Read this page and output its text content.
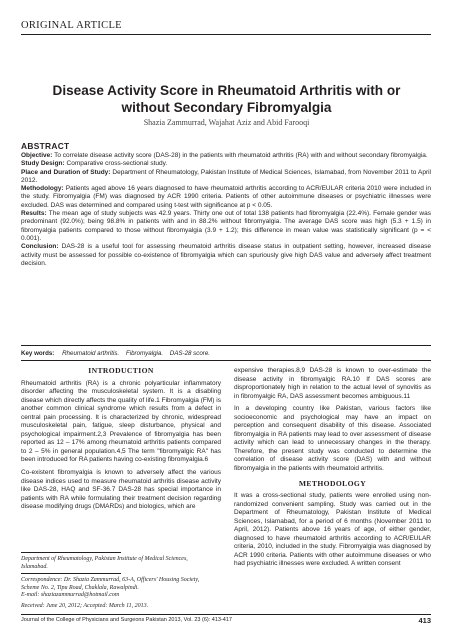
ORIGINAL ARTICLE
Disease Activity Score in Rheumatoid Arthritis with or without Secondary Fibromyalgia
Shazia Zammurrad, Wajahat Aziz and Abid Farooqi
ABSTRACT

Objective: To correlate disease activity score (DAS-28) in the patients with rheumatoid arthritis (RA) with and without secondary fibromyalgia.

Study Design: Comparative cross-sectional study.

Place and Duration of Study: Department of Rheumatology, Pakistan Institute of Medical Sciences, Islamabad, from November 2011 to April 2012.

Methodology: Patients aged above 16 years diagnosed to have rheumatoid arthritis according to ACR/EULAR criteria 2010 were included in the study. Fibromyalgia (FM) was diagnosed by ACR 1990 criteria. Patients of other autoimmune diseases or psychiatric illnesses were excluded. DAS was determined and compared using t-test with significance at p < 0.05.

Results: The mean age of study subjects was 42.9 years. Thirty one out of total 138 patients had fibromyalgia (22.4%). Female gender was predominant (92.0%); being 98.8% in patients with and in 88.2% without fibromyalgia. The average DAS score was high (5.3 + 1.5) in fibromyalgia patients compared to those without fibromyalgia (3.9 + 1.2); this difference in mean value was statistically significant (p = < 0.001).

Conclusion: DAS-28 is a useful tool for assessing rheumatoid arthritis disease status in outpatient setting, however, increased disease activity must be assessed for possible co-existence of fibromyalgia which can spuriously give high DAS value and adversely affect treatment decision.

Key words: Rheumatoid arthritis. Fibromyalgia. DAS-28 score.
INTRODUCTION

Rheumatoid arthritis (RA) is a chronic polyarticular inflammatory disorder affecting the musculoskeletal system. It is a disabling disease which directly affects the quality of life.1 Fibromyalgia (FM) is another common clinical syndrome which results from a defect in central pain processing. It is characterized by chronic, widespread musculoskeletal pain, fatigue, sleep disturbance, physical and psychological impairment.2,3 Prevalence of fibromyalgia has been reported as 12 – 17% among rheumatoid arthritis patients compared to 2 – 5% in general population.4,5 The term "fibromyalgic RA" has been introduced for RA patients having co-existing fibromyalgia.6

Co-existent fibromyalgia is known to adversely affect the various disease indices used to measure rheumatoid arthritis disease activity like DAS-28, HAQ and SF-36.7 DAS-28 has special importance in patients with RA while formulating their treatment decision regarding disease modifying drugs (DMARDs) and biologics, which are

Department of Rheumatology, Pakistan Institute of Medical Sciences, Islamabad.

Correspondence: Dr. Shazia Zammurrad, 63-A, Officers' Housing Society, Scheme No. 2, Tipu Road, Chaklala, Rawalpindi.

E-mail: shaziazammurrad@hotmail.com

Received: June 20, 2012; Accepted: March 11, 2013.

expensive therapies.8,9 DAS-28 is known to over-estimate the disease activity in fibromyalgic RA.10 If DAS scores are disproportionately high in relation to the actual level of synovitis as in fibromyalgic RA, DAS assessment becomes ambiguous.11

In a developing country like Pakistan, various factors like socioeconomic and psychological may have an impact on perception and consequent disability of this disease. Associated fibromyalgia in RA patients may lead to over assessment of disease activity which can lead to unnecessary changes in the therapy. Therefore, the present study was conducted to determine the correlation of disease activity score (DAS) with and without fibromyalgia in the patients with rheumatoid arthritis.

METHODOLOGY

It was a cross-sectional study, patients were enrolled using non-randomized convenient sampling. Study was carried out in the Department of Rheumatology, Pakistan Institute of Medical Sciences, Islamabad, for a period of 6 months (November 2011 to April, 2012). Patients above 16 years of age, of either gender, diagnosed to have rheumatoid arthritis according to ACR/EULAR criteria, 2010, included in the study. Fibromyalgia was diagnosed by ACR 1990 criteria. Patients with other autoimmune diseases or who had psychiatric illnesses were excluded. A written consent

Journal of the College of Physicians and Surgeons Pakistan 2013, Vol. 23 (6): 413-417	413
